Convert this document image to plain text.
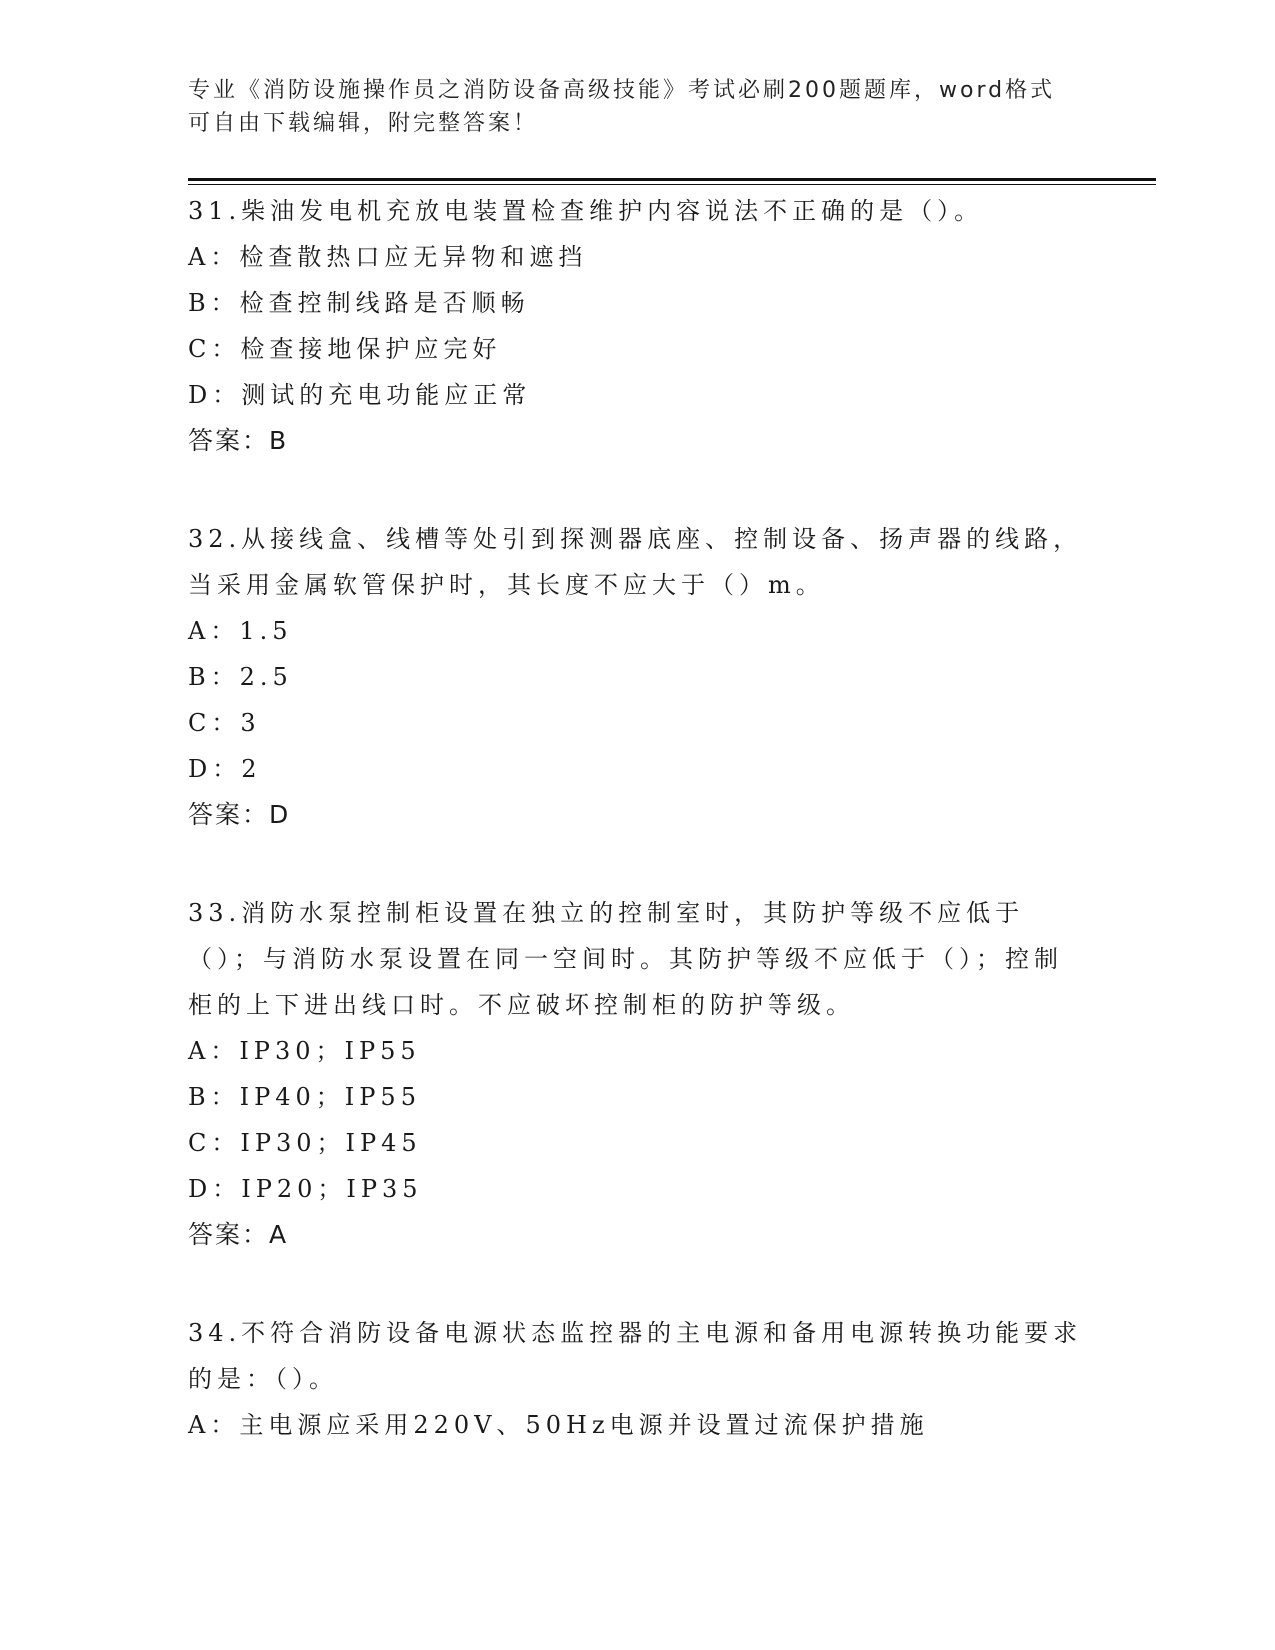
专业《消防设施操作员之消防设备高级技能》考试必刷200题题库，word格式可自由下载编辑，附完整答案！

31.柴油发电机充放电装置检查维护内容说法不正确的是（）。

A：检查散热口应无异物和遮挡

B：检查控制线路是否顺畅

C：检查接地保护应完好

D：测试的充电功能应正常

答案：B

32.从接线盒、线槽等处引到探测器底座、控制设备、扬声器的线路，当采用金属软管保护时，其长度不应大于（）m。

A：1.5

B：2.5

C：3

D：2

答案：D

33.消防水泵控制柜设置在独立的控制室时，其防护等级不应低于（）；与消防水泵设置在同一空间时。其防护等级不应低于（）；控制柜的上下进出线口时。不应破坏控制柜的防护等级。

A：IP30；IP55

B：IP40；IP55

C：IP30；IP45

D：IP20；IP35

答案：A

34.不符合消防设备电源状态监控器的主电源和备用电源转换功能要求的是：（）。

A：主电源应采用220V、50Hz电源并设置过流保护措施
